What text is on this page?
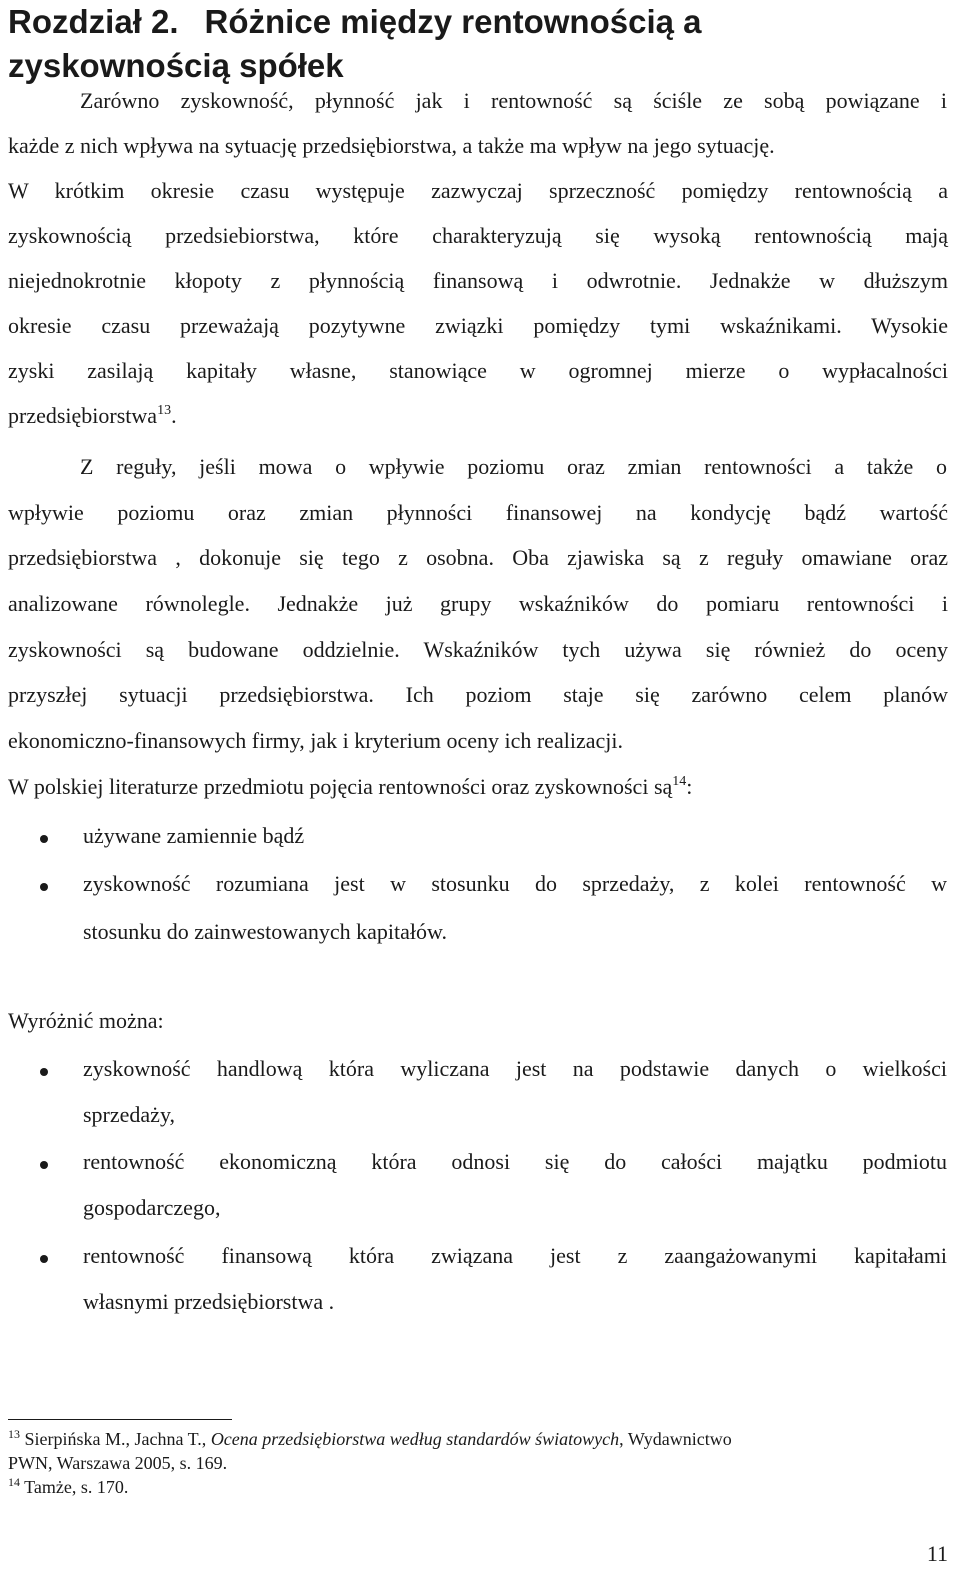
Rozdział 2. Różnice między rentownością a
zyskownością spółek

Zarówno zyskowność, płynność jak i rentowność są ściśle ze sobą powiązane i

każde z nich wpływa na sytuację przedsiębiorstwa, a także ma wpływ na jego sytuację.

W krótkim okresie czasu występuje zazwyczaj sprzeczność pomiędzy rentownością a

zyskownością przedsiebiorstwa, które charakteryzują się wysoką rentownością mają

niejednokrotnie kłopoty z płynnością finansową i odwrotnie. Jednakże w dłuższym

okresie czasu przeważają pozytywne związki pomiędzy tymi wskaźnikami. Wysokie

zyski zasilają kapitały własne, stanowiące w ogromnej mierze o wypłacalności

przedsiębiorstwa$^{13}$.

Z reguły, jeśli mowa o wpływie poziomu oraz zmian rentowności a także o

wpływie poziomu oraz zmian płynności finansowej na kondycję bądź wartość

przedsiębiorstwa , dokonuje się tego z osobna. Oba zjawiska są z reguły omawiane oraz

analizowane równolegle. Jednakże już grupy wskaźników do pomiaru rentowności i

zyskowności są budowane oddzielnie. Wskaźników tych używa się również do oceny

przyszłej sytuacji przedsiębiorstwa. Ich poziom staje się zarówno celem planów

ekonomiczno-finansowych firmy, jak i kryterium oceny ich realizacji.

W polskiej literaturze przedmiotu pojęcia rentowności oraz zyskowności $są^{14}$:

używane zamiennie bądź

zyskowność rozumiana jest w stosunku do sprzedaży, z kolei rentowność w

stosunku do zainwestowanych kapitałów.

Wyróżnić można:

zyskowność handlową która wyliczana jest na podstawie danych o wielkości

sprzedaży,

rentowność ekonomiczną która odnosi się do całości majątku podmiotu

gospodarczego,

rentowność finansową która związana jest z zaangażowanymi kapitałami

własnymi przedsiębiorstwa .

$^{13}$ Sierpińska M., Jachna T., Ocena przedsiębiorstwa według standardów światowych, Wydawnictwo

PWN, Warszawa 2005, s. 169.

$^{14}$ Tamże, s. 170.

11
